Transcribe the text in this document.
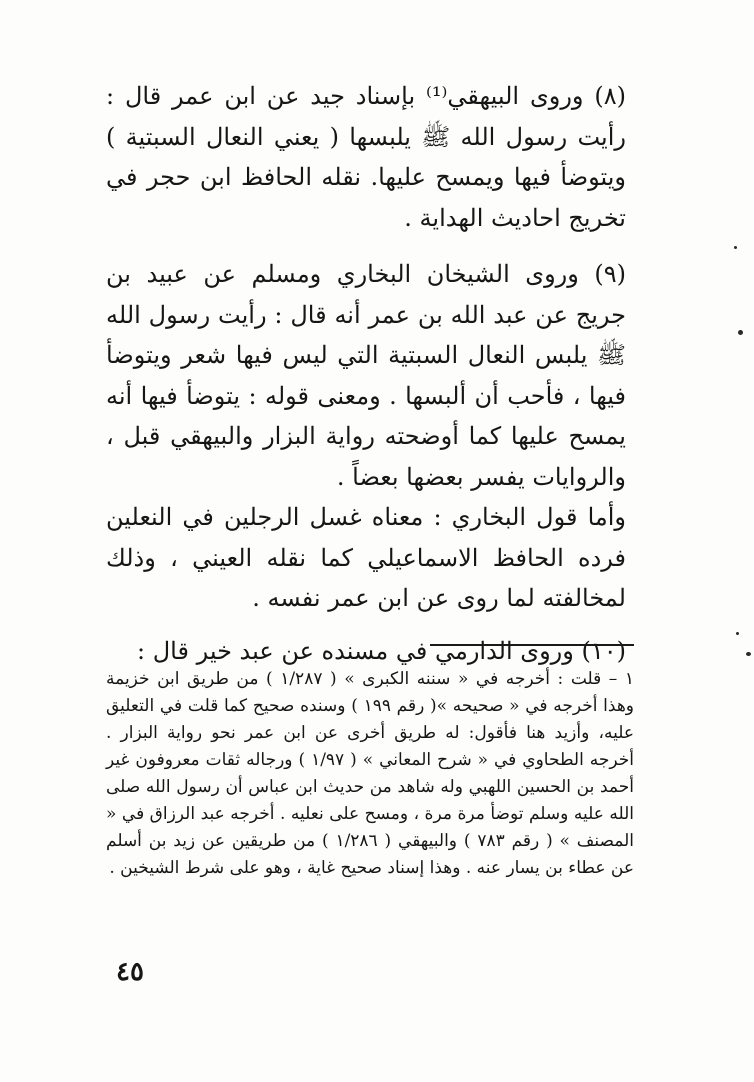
(٨) وروى البيهقي⁽¹⁾ بإسناد جيد عن ابن عمر قال : رأيت رسول الله ﷺ يلبسها ( يعني النعال السبتية ) ويتوضأ فيها ويمسح عليها. نقله الحافظ ابن حجر في تخريج احاديث الهداية .

(٩) وروى الشيخان البخاري ومسلم عن عبيد بن جريج عن عبد الله بن عمر أنه قال : رأيت رسول الله ﷺ يلبس النعال السبتية التي ليس فيها شعر ويتوضأ فيها ، فأحب أن ألبسها . ومعنى قوله : يتوضأ فيها أنه يمسح عليها كما أوضحته رواية البزار والبيهقي قبل ، والروايات يفسر بعضها بعضاً .

وأما قول البخاري : معناه غسل الرجلين في النعلين فرده الحافظ الاسماعيلي كما نقله العيني ، وذلك لمخالفته لما روى عن ابن عمر نفسه .

(١٠) وروى الدارمي في مسنده عن عبد خير قال :

١ – قلت : أخرجه في « سننه الكبرى » ( ١/٢٨٧ ) من طريق ابن خزيمة وهذا أخرجه في « صحيحه »( رقم ١٩٩ ) وسنده صحيح كما قلت في التعليق عليه، وأزيد هنا فأقول: له طريق أخرى عن ابن عمر نحو رواية البزار . أخرجه الطحاوي في « شرح المعاني » ( ١/٩٧ ) ورجاله ثقات معروفون غير أحمد بن الحسين اللهبي وله شاهد من حديث ابن عباس أن رسول الله صلى الله عليه وسلم توضأ مرة مرة ، ومسح على نعليه . أخرجه عبد الرزاق في « المصنف » ( رقم ٧٨٣ ) والبيهقي ( ١/٢٨٦ ) من طريقين عن زيد بن أسلم عن عطاء بن يسار عنه . وهذا إسناد صحيح غاية ، وهو على شرط الشيخين .

٤٥
